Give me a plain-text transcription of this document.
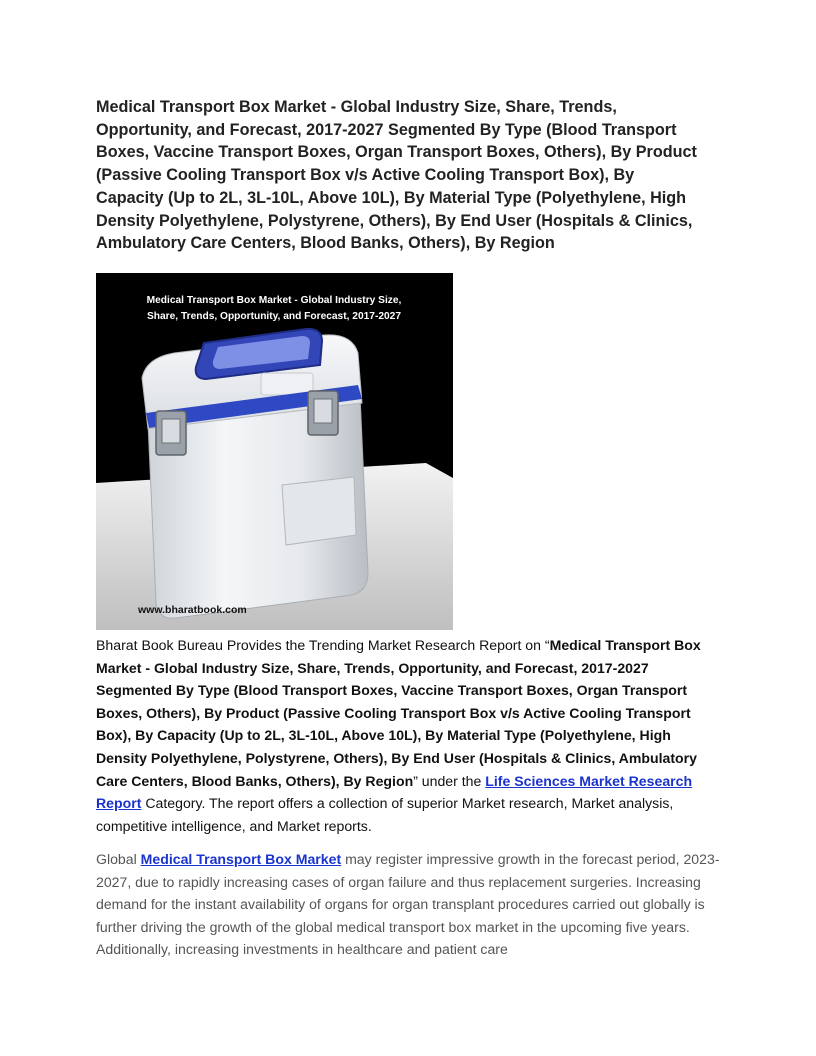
Medical Transport Box Market - Global Industry Size, Share, Trends, Opportunity, and Forecast, 2017-2027 Segmented By Type (Blood Transport Boxes, Vaccine Transport Boxes, Organ Transport Boxes, Others), By Product (Passive Cooling Transport Box v/s Active Cooling Transport Box), By Capacity (Up to 2L, 3L-10L, Above 10L), By Material Type (Polyethylene, High Density Polyethylene, Polystyrene, Others), By End User (Hospitals & Clinics, Ambulatory Care Centers, Blood Banks, Others), By Region
Medical Transport Box Market - Global Industry Size,
Share, Trends, Opportunity, and Forecast, 2017-2027
www.bharatbook.com

Bharat Book Bureau Provides the Trending Market Research Report on “Medical Transport Box Market - Global Industry Size, Share, Trends, Opportunity, and Forecast, 2017-2027 Segmented By Type (Blood Transport Boxes, Vaccine Transport Boxes, Organ Transport Boxes, Others), By Product (Passive Cooling Transport Box v/s Active Cooling Transport Box), By Capacity (Up to 2L, 3L-10L, Above 10L), By Material Type (Polyethylene, High Density Polyethylene, Polystyrene, Others), By End User (Hospitals & Clinics, Ambulatory Care Centers, Blood Banks, Others), By Region” under the Life Sciences Market Research Report Category. The report offers a collection of superior Market research, Market analysis, competitive intelligence, and Market reports.

Global Medical Transport Box Market may register impressive growth in the forecast period, 2023-2027, due to rapidly increasing cases of organ failure and thus replacement surgeries. Increasing demand for the instant availability of organs for organ transplant procedures carried out globally is further driving the growth of the global medical transport box market in the upcoming five years. Additionally, increasing investments in healthcare and patient care
